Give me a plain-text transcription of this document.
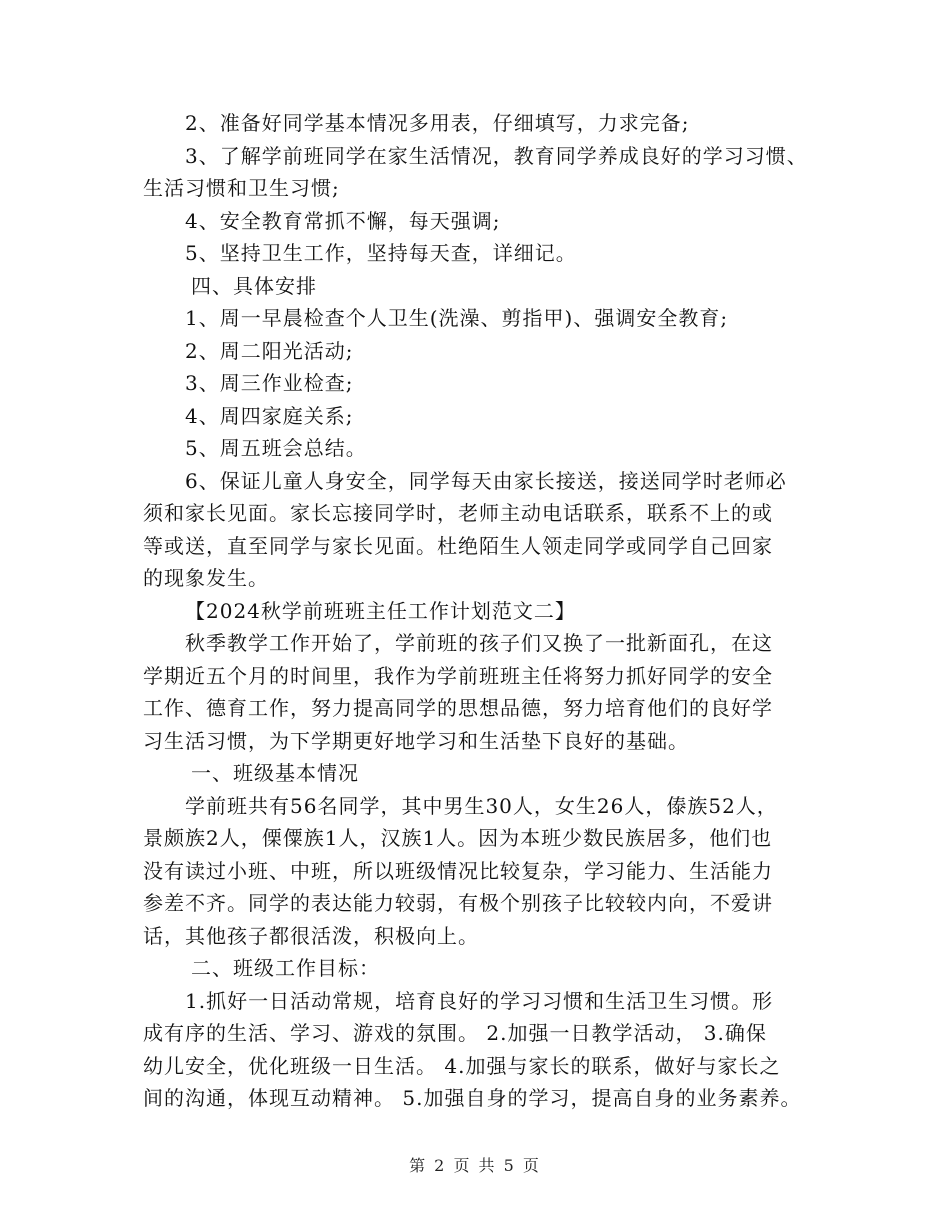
2、准备好同学基本情况多用表，仔细填写，力求完备;
3、了解学前班同学在家生活情况，教育同学养成良好的学习习惯、
生活习惯和卫生习惯;
4、安全教育常抓不懈，每天强调;
5、坚持卫生工作，坚持每天查，详细记。
四、具体安排
1、周一早晨检查个人卫生(洗澡、剪指甲)、强调安全教育;
2、周二阳光活动;
3、周三作业检查;
4、周四家庭关系;
5、周五班会总结。
6、保证儿童人身安全，同学每天由家长接送，接送同学时老师必
须和家长见面。家长忘接同学时，老师主动电话联系，联系不上的或
等或送，直至同学与家长见面。杜绝陌生人领走同学或同学自己回家
的现象发生。
【2024秋学前班班主任工作计划范文二】
秋季教学工作开始了，学前班的孩子们又换了一批新面孔，在这
学期近五个月的时间里，我作为学前班班主任将努力抓好同学的安全
工作、德育工作，努力提高同学的思想品德，努力培育他们的良好学
习生活习惯，为下学期更好地学习和生活垫下良好的基础。
一、班级基本情况
学前班共有56名同学，其中男生30人，女生26人，傣族52人，
景颇族2人，傈僳族1人，汉族1人。因为本班少数民族居多，他们也
没有读过小班、中班，所以班级情况比较复杂，学习能力、生活能力
参差不齐。同学的表达能力较弱，有极个别孩子比较较内向，不爱讲
话，其他孩子都很活泼，积极向上。
二、班级工作目标：
1.抓好一日活动常规，培育良好的学习习惯和生活卫生习惯。形
成有序的生活、学习、游戏的氛围。 2.加强一日教学活动， 3.确保
幼儿安全，优化班级一日生活。 4.加强与家长的联系，做好与家长之
间的沟通，体现互动精神。 5.加强自身的学习，提高自身的业务素养。
第 2 页 共 5 页
